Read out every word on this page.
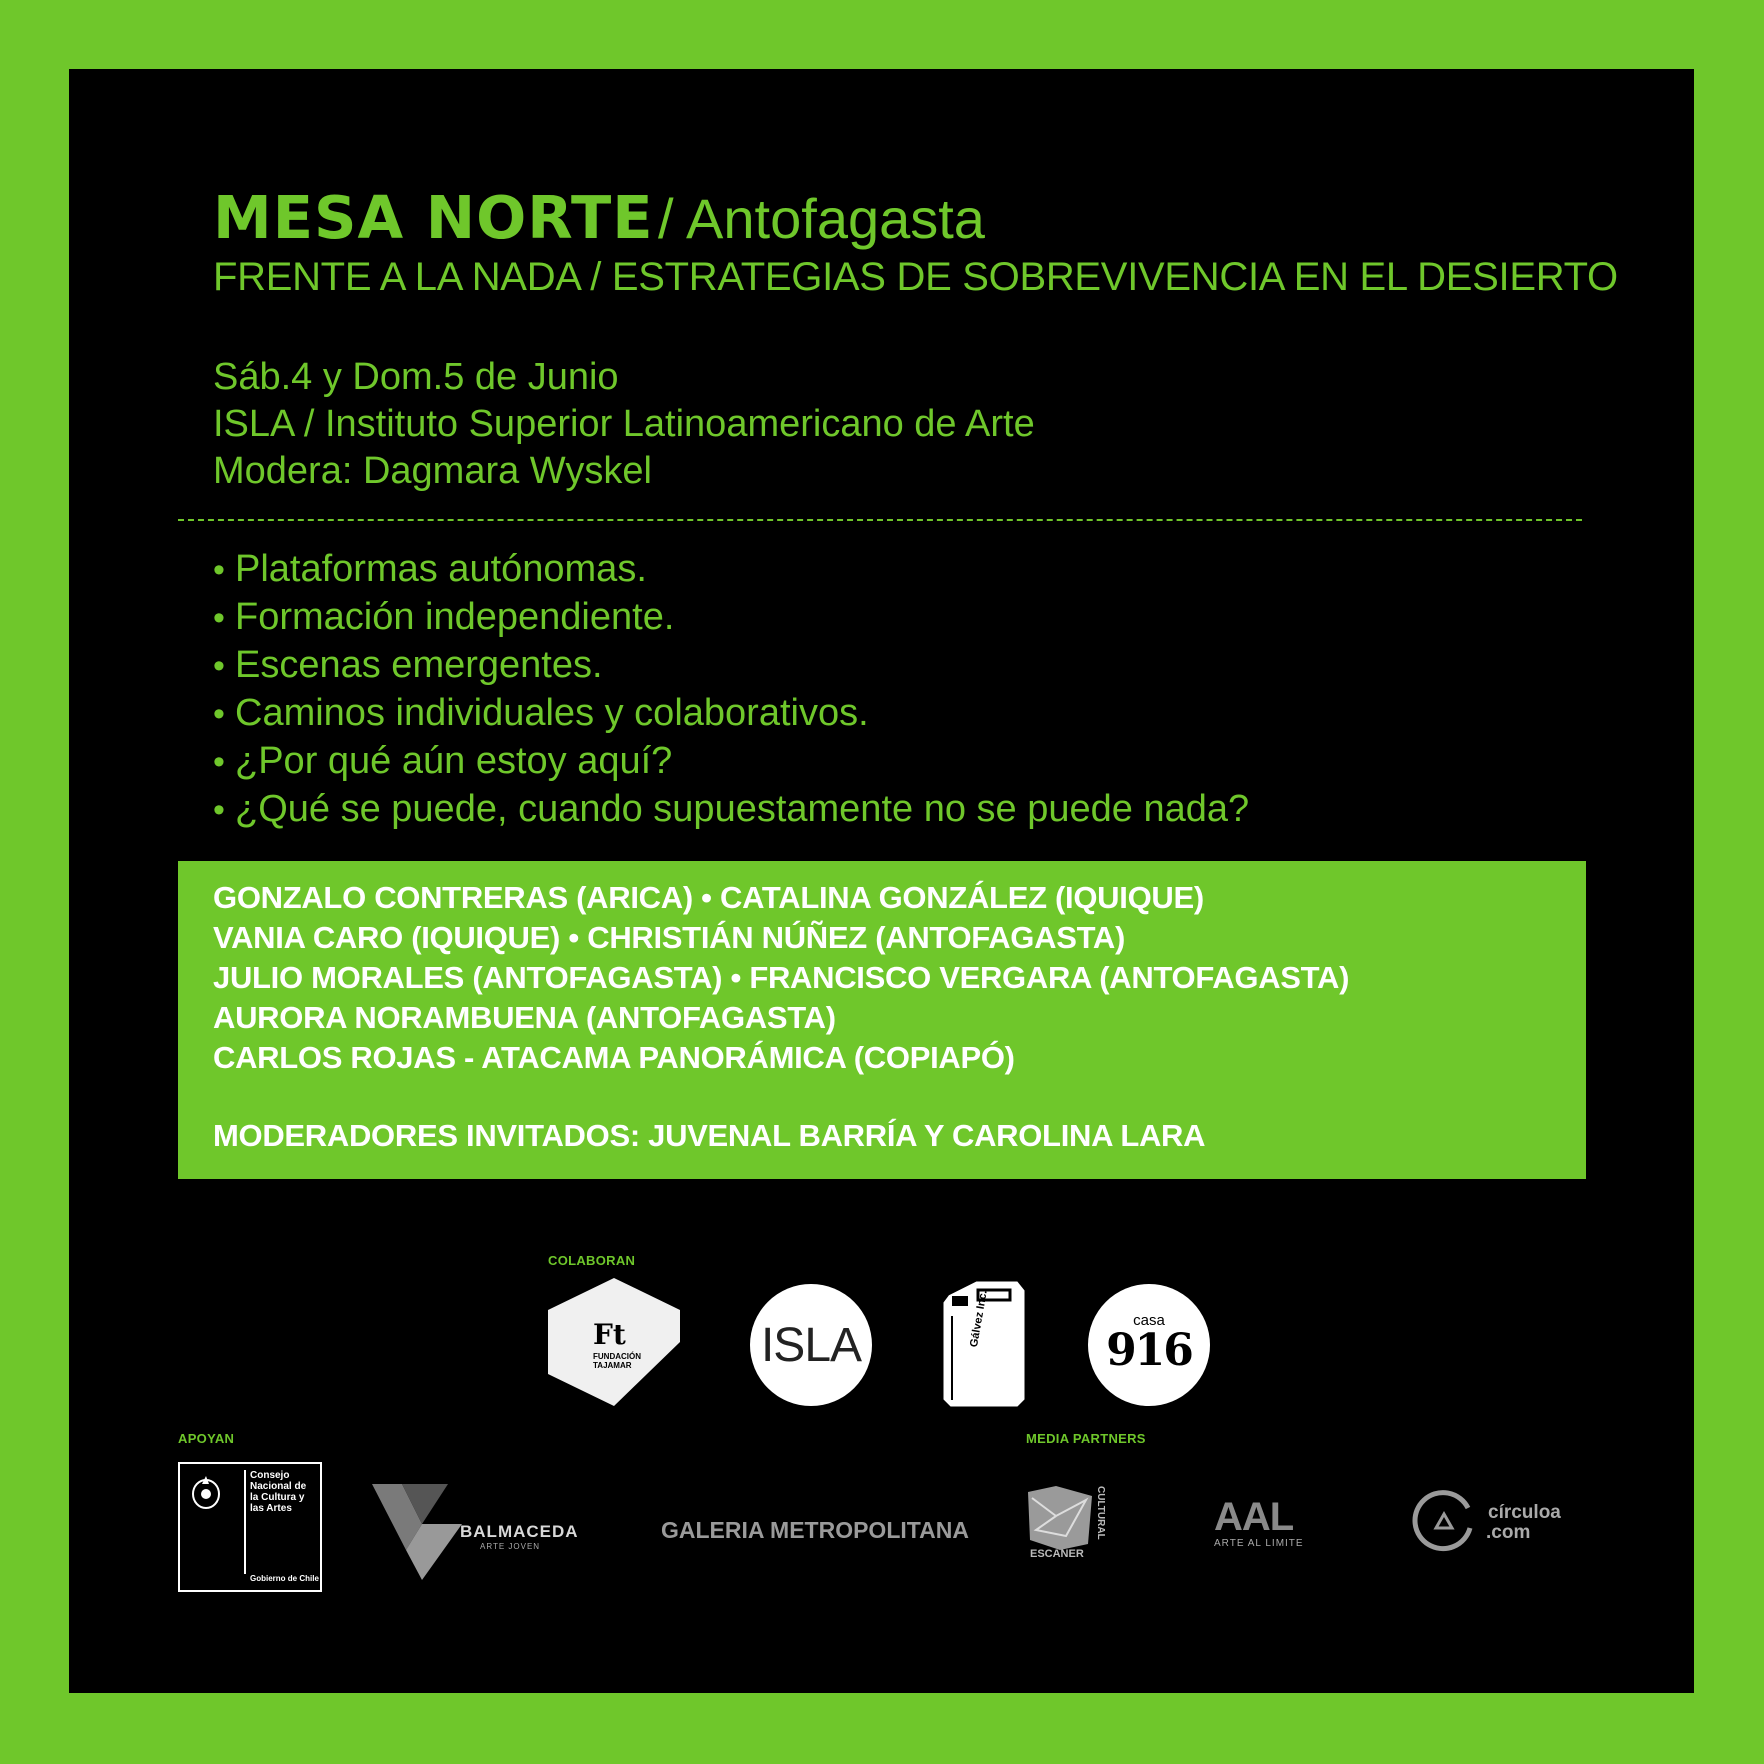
MESA NORTE / Antofagasta
FRENTE A LA NADA / ESTRATEGIAS DE SOBREVIVENCIA EN EL DESIERTO
Sáb.4 y Dom.5 de Junio
ISLA / Instituto Superior Latinoamericano de Arte
Modera: Dagmara Wyskel
• Plataformas autónomas.
• Formación independiente.
• Escenas emergentes.
• Caminos individuales y colaborativos.
• ¿Por qué aún estoy aquí?
• ¿Qué se puede, cuando supuestamente no se puede nada?
GONZALO CONTRERAS (ARICA) • CATALINA GONZÁLEZ (IQUIQUE)
VANIA CARO (IQUIQUE) • CHRISTIÁN NÚÑEZ (ANTOFAGASTA)
JULIO MORALES (ANTOFAGASTA) • FRANCISCO VERGARA (ANTOFAGASTA)
AURORA NORAMBUENA (ANTOFAGASTA)
CARLOS ROJAS - ATACAMA PANORÁMICA (COPIAPÓ)
MODERADORES INVITADOS: JUVENAL BARRÍA Y CAROLINA LARA
COLABORAN
APOYAN	MEDIA PARTNERS
Ft
FUNDACIÓN
TAJAMAR	ISLA	Gálvez Inc.	casa
916
Consejo
Nacional de
la Cultura y
las Artes
Gobierno de Chile
BALMACEDA
ARTE JOVEN
GALERIA METROPOLITANA
ESCANER
CULTURAL	AAL
ARTE AL LIMITE
círculoa
.com
